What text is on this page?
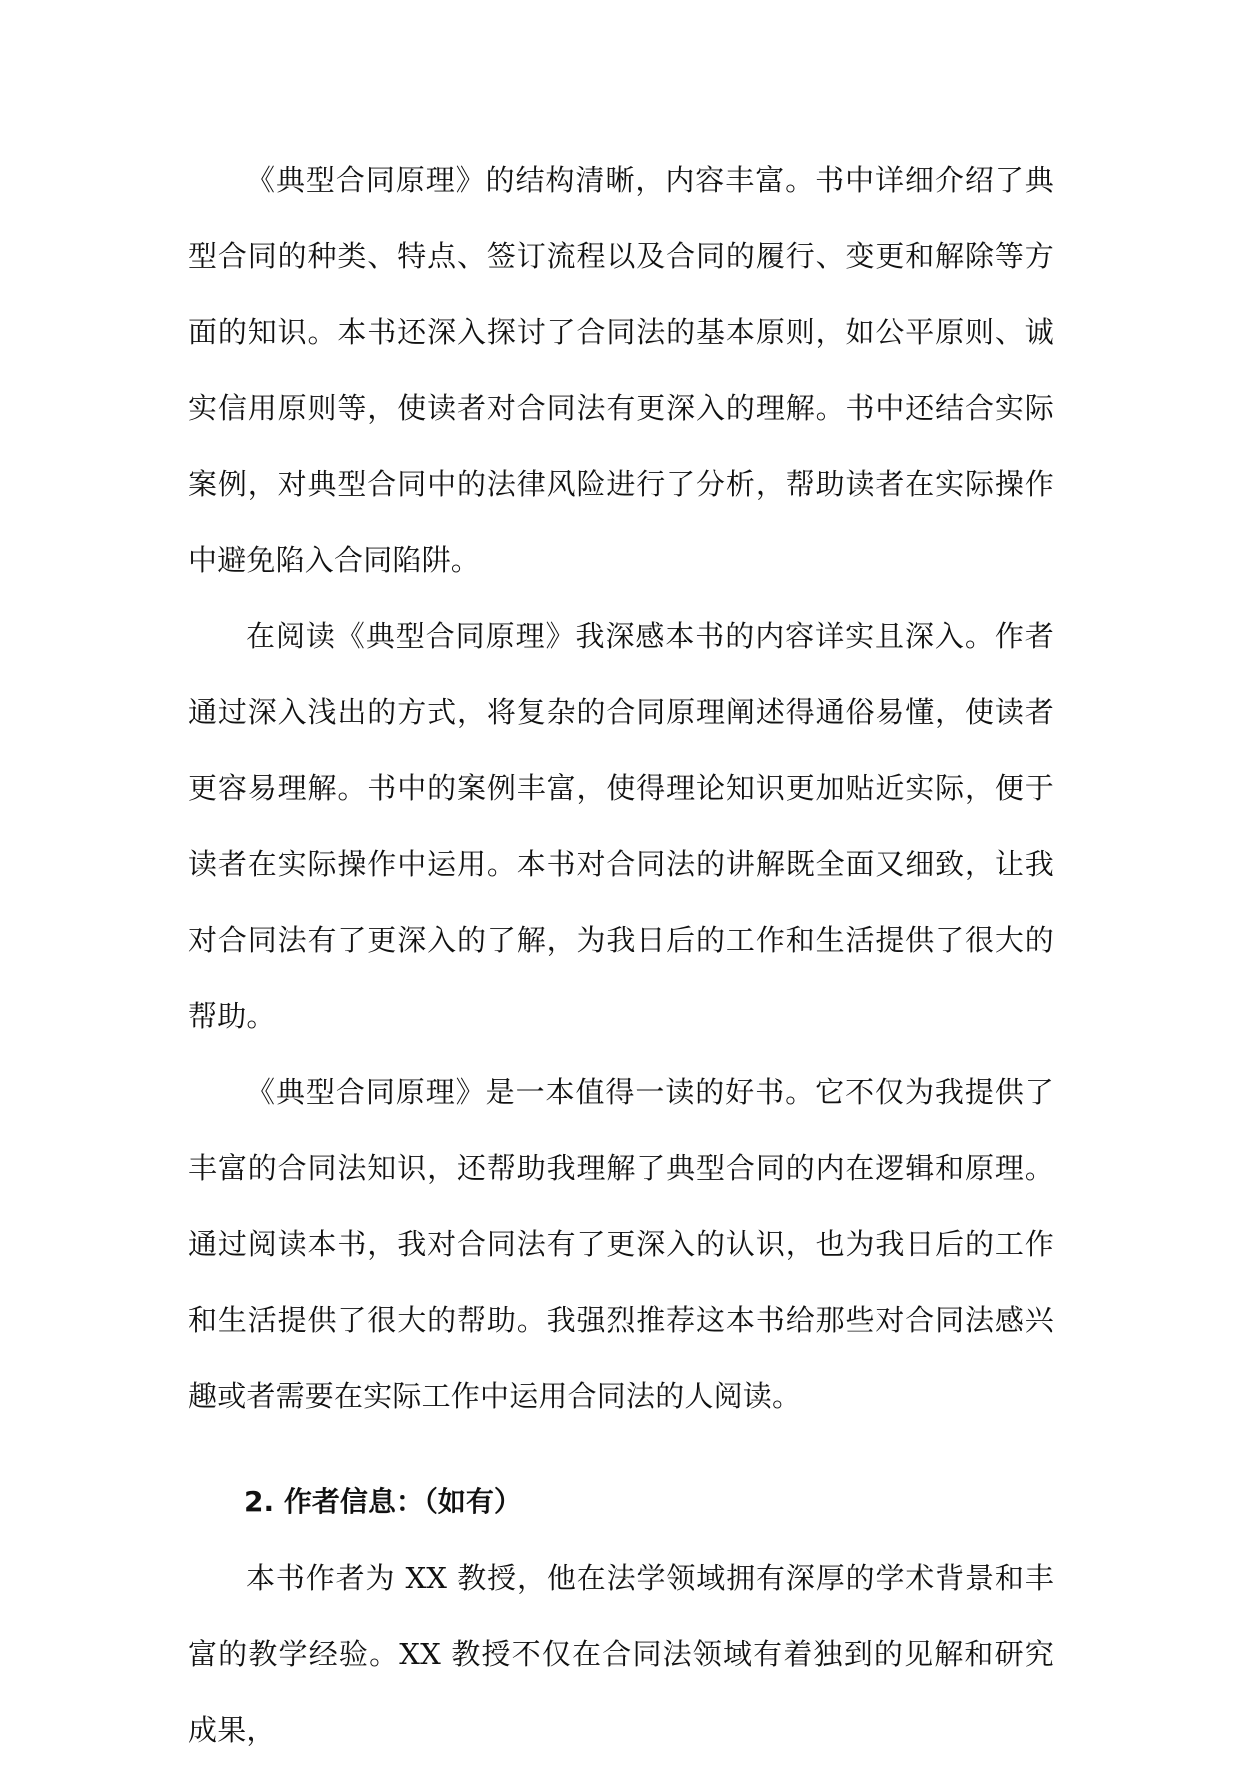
《典型合同原理》的结构清晰，内容丰富。书中详细介绍了典型合同的种类、特点、签订流程以及合同的履行、变更和解除等方面的知识。本书还深入探讨了合同法的基本原则，如公平原则、诚实信用原则等，使读者对合同法有更深入的理解。书中还结合实际案例，对典型合同中的法律风险进行了分析，帮助读者在实际操作中避免陷入合同陷阱。

在阅读《典型合同原理》我深感本书的内容详实且深入。作者通过深入浅出的方式，将复杂的合同原理阐述得通俗易懂，使读者更容易理解。书中的案例丰富，使得理论知识更加贴近实际，便于读者在实际操作中运用。本书对合同法的讲解既全面又细致，让我对合同法有了更深入的了解，为我日后的工作和生活提供了很大的帮助。

《典型合同原理》是一本值得一读的好书。它不仅为我提供了丰富的合同法知识，还帮助我理解了典型合同的内在逻辑和原理。通过阅读本书，我对合同法有了更深入的认识，也为我日后的工作和生活提供了很大的帮助。我强烈推荐这本书给那些对合同法感兴趣或者需要在实际工作中运用合同法的人阅读。

2. 作者信息：（如有）

本书作者为 XX 教授，他在法学领域拥有深厚的学术背景和丰富的教学经验。XX 教授不仅在合同法领域有着独到的见解和研究成果，
